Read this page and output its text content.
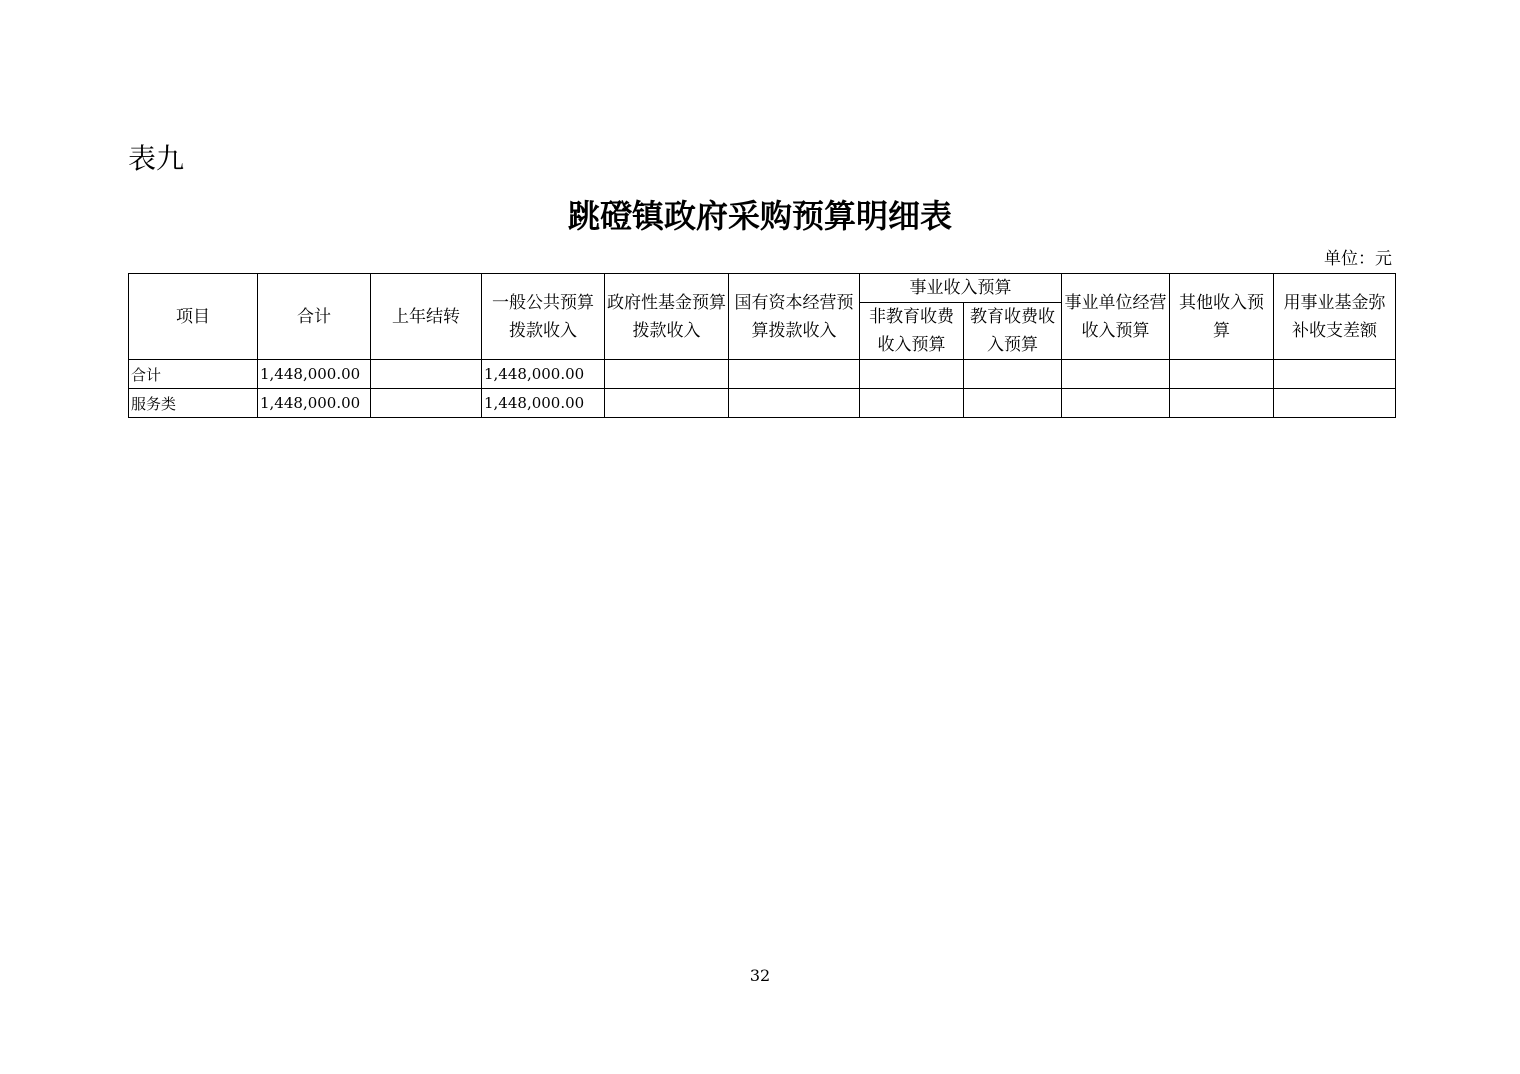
表九
跳磴镇政府采购预算明细表
单位：元
项目	合计	上年结转	一般公共预算拨款收入	政府性基金预算拨款收入	国有资本经营预算拨款收入	事业收入预算		事业单位经营收入预算	其他收入预算	用事业基金弥补收支差额
						非教育收费收入预算	教育收费收入预算			
合计	1,448,000.00		1,448,000.00							
服务类	1,448,000.00		1,448,000.00							
32
